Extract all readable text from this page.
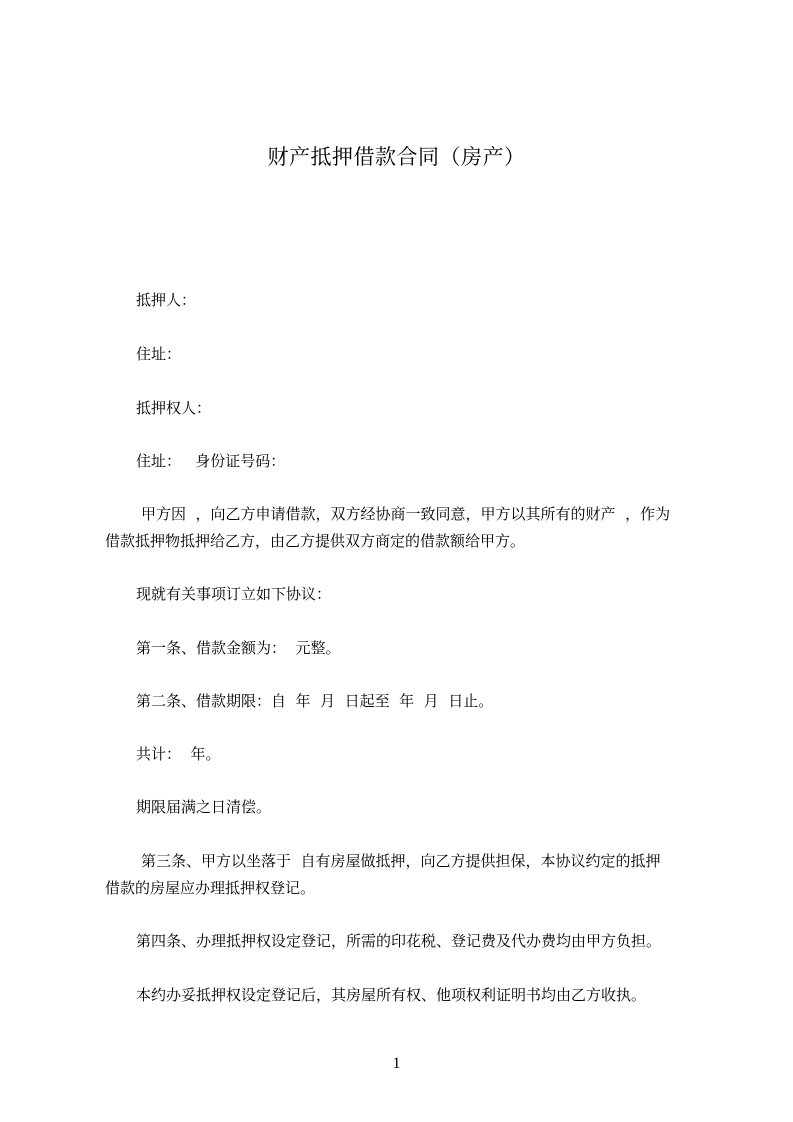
财产抵押借款合同（房产）
抵押人：
住址：
抵押权人：
住址：   身份证号码：
甲方因  ，向乙方申请借款，双方经协商一致同意，甲方以其所有的财产  ，作为
借款抵押物抵押给乙方，由乙方提供双方商定的借款额给甲方。
现就有关事项订立如下协议：
第一条、借款金额为：  元整。
第二条、借款期限：自  年  月  日起至  年  月  日止。
共计：  年。
期限届满之日清偿。
第三条、甲方以坐落于  自有房屋做抵押，向乙方提供担保，本协议约定的抵押
借款的房屋应办理抵押权登记。
第四条、办理抵押权设定登记，所需的印花税、登记费及代办费均由甲方负担。
本约办妥抵押权设定登记后，其房屋所有权、他项权利证明书均由乙方收执。
1
